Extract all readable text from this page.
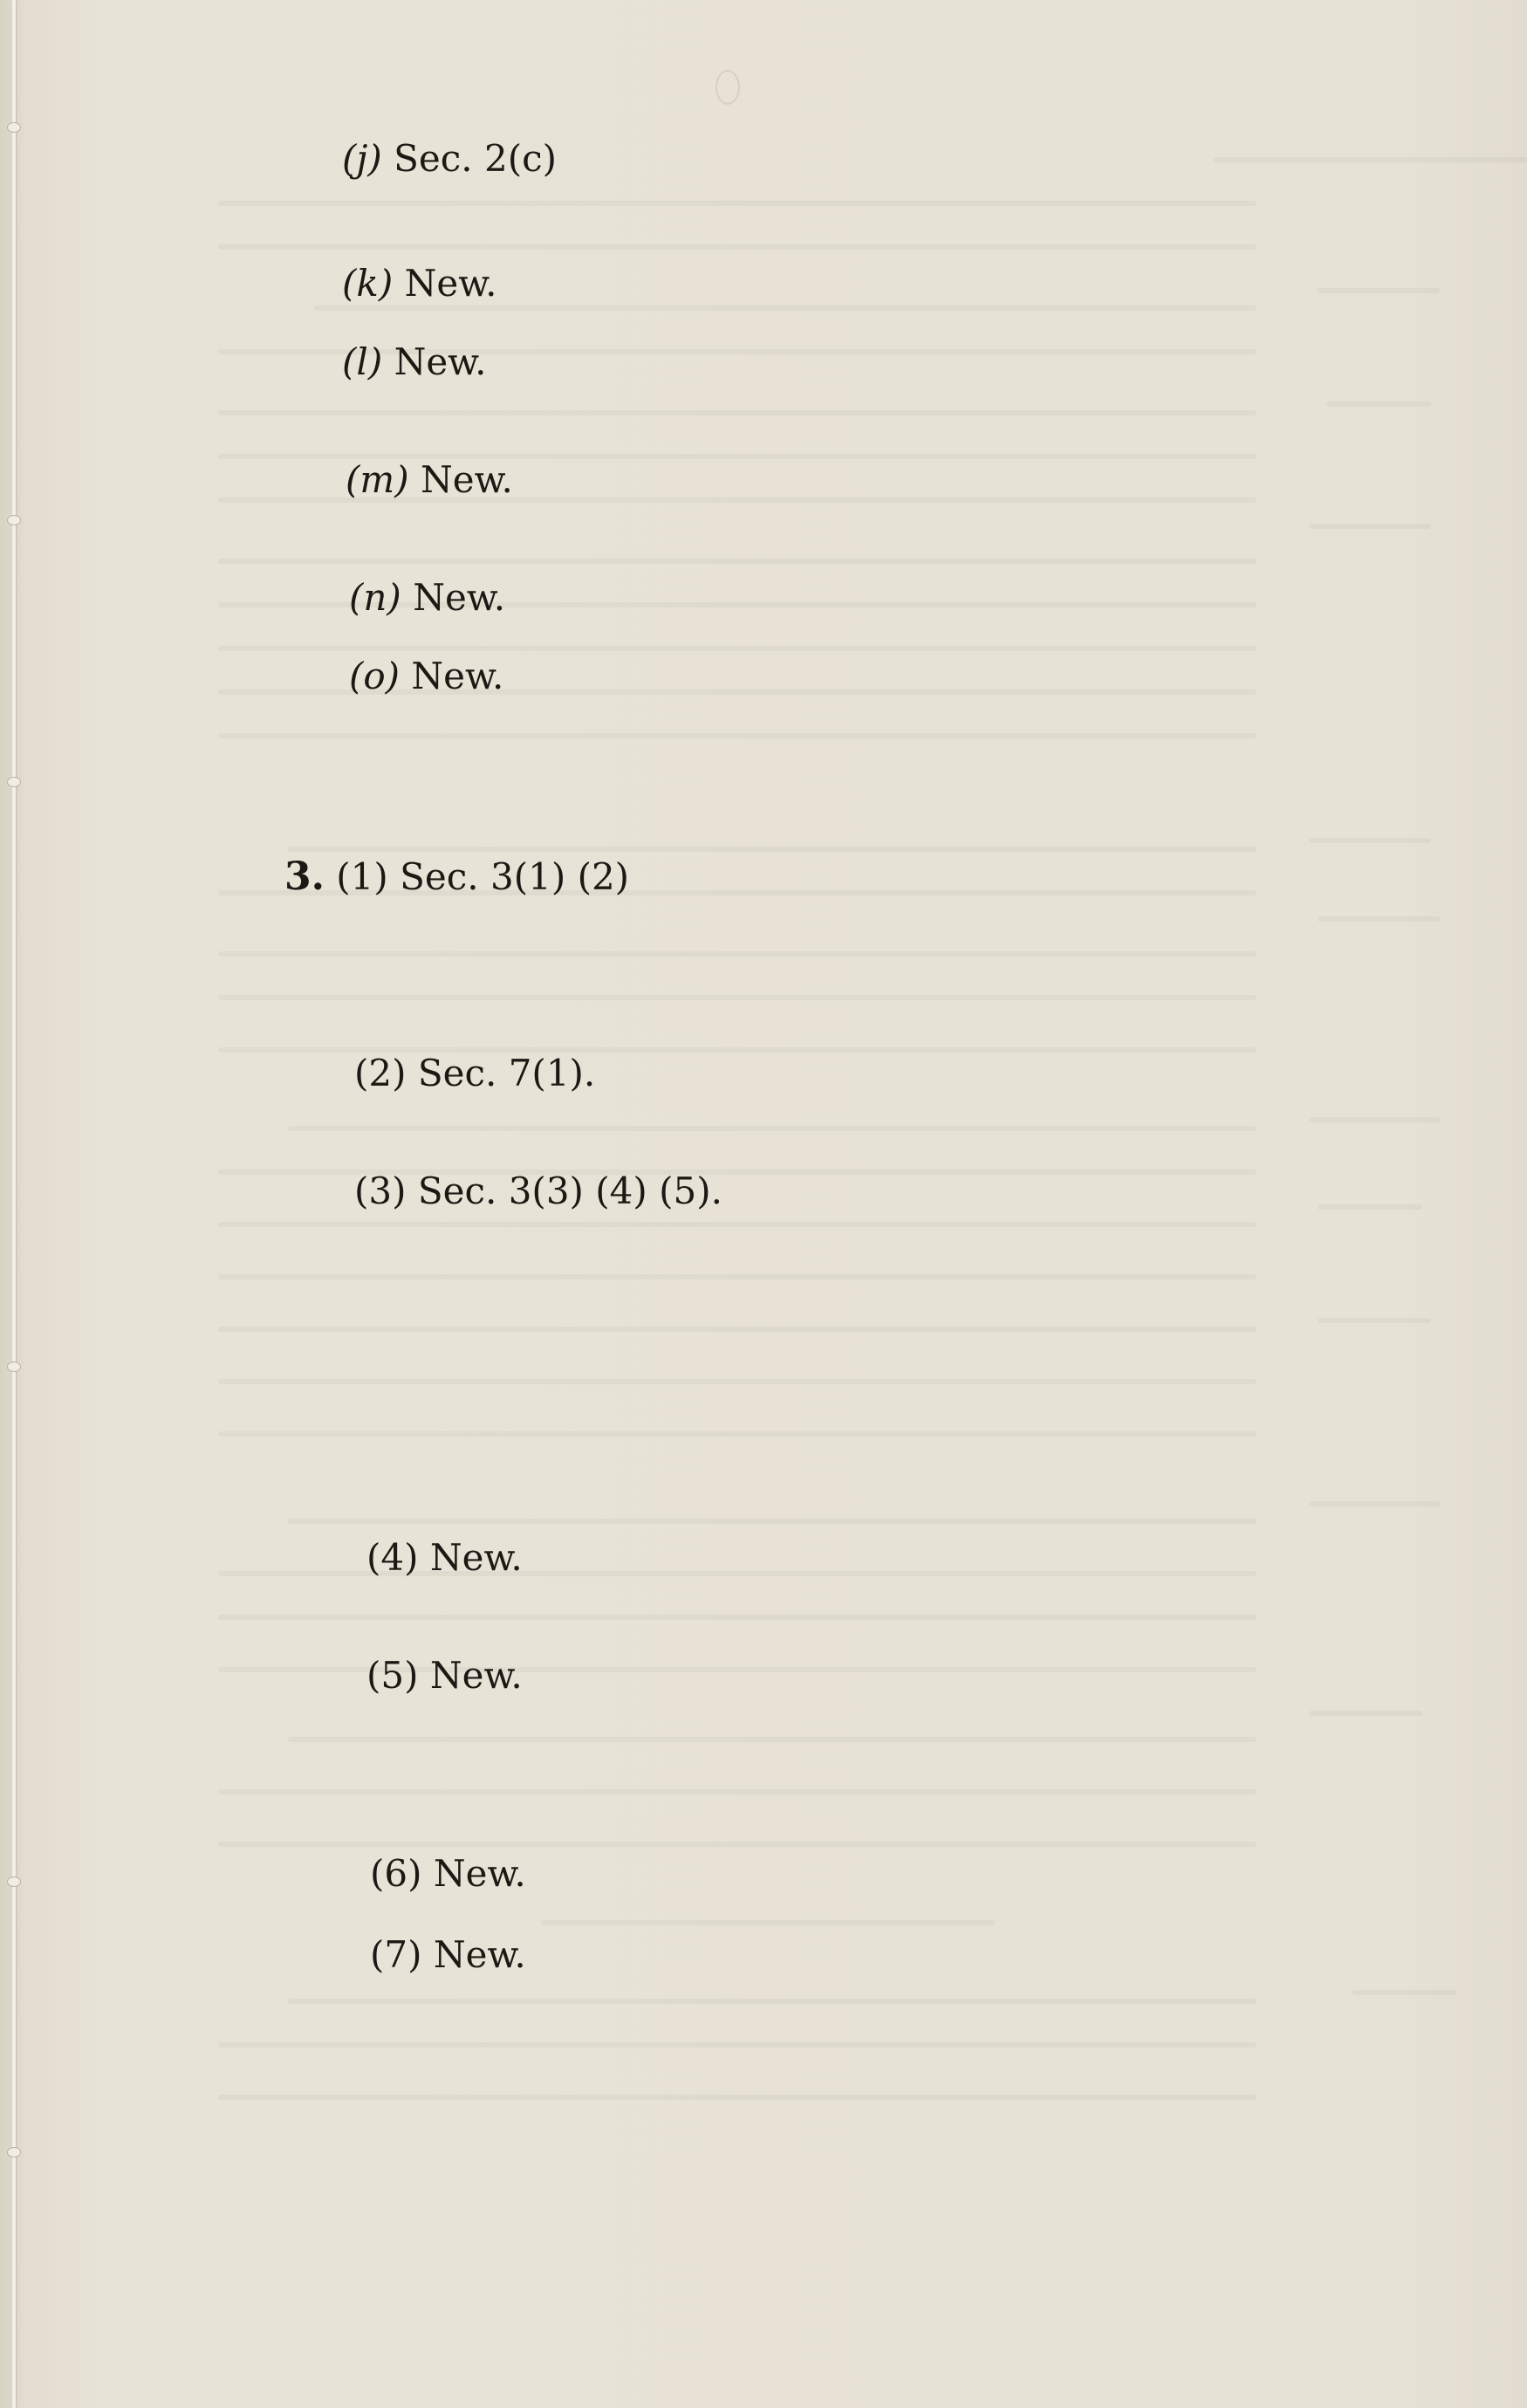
(j) Sec. 2(c)
(k) New.
(l) New.
(m) New.
(n) New.
(o) New.
3. (1) Sec. 3(1) (2)
(2) Sec. 7(1).
(3) Sec. 3(3) (4) (5).
(4) New.
(5) New.
(6) New.
(7) New.
